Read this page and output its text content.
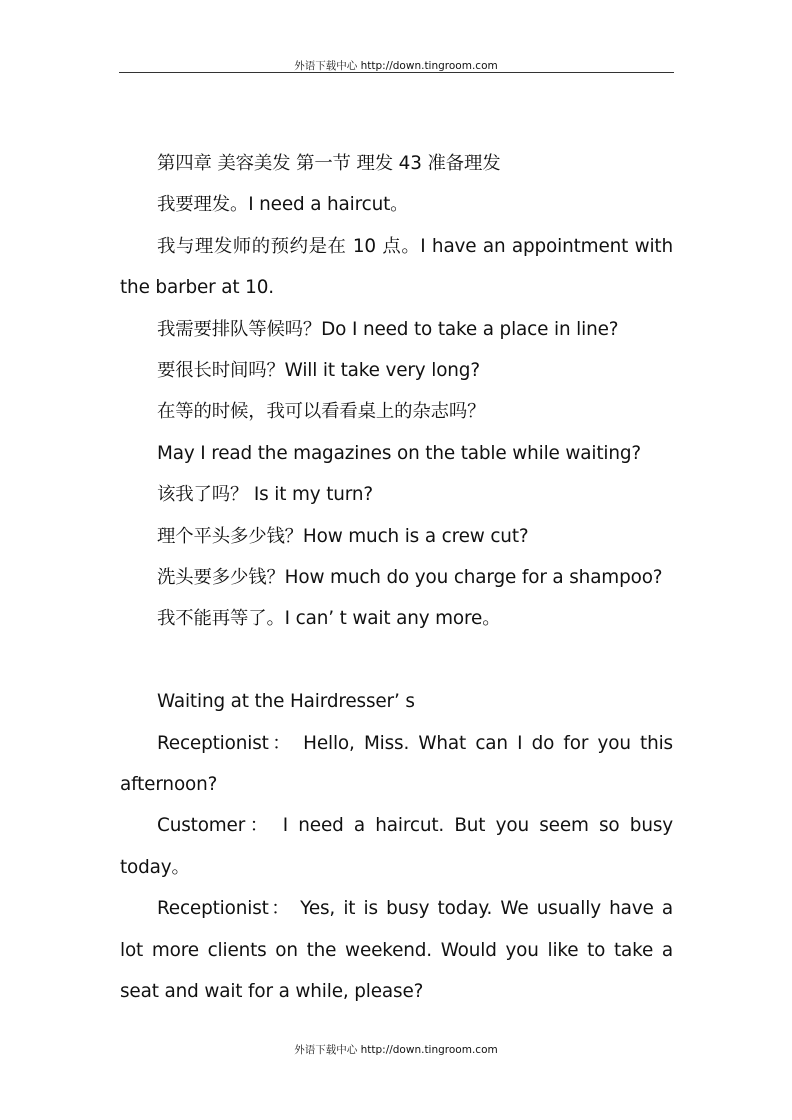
外语下载中心 http://down.tingroom.com

第四章 美容美发 第一节 理发 43 准备理发

我要理发。I need a haircut。

我与理发师的预约是在 10 点。I have an appointment with the barber at 10.

我需要排队等候吗？Do I need to take a place in line?

要很长时间吗？Will it take very long?

在等的时候，我可以看看桌上的杂志吗？

May I read the magazines on the table while waiting?

该我了吗？ Is it my turn?

理个平头多少钱？How much is a crew cut?

洗头要多少钱？How much do you charge for a shampoo?

我不能再等了。I can’ t wait any more。

Waiting at the Hairdresser’ s

Receptionist： Hello, Miss. What can I do for you this afternoon?

Customer： I need a haircut. But you seem so busy today。

Receptionist： Yes, it is busy today. We usually have a lot more clients on the weekend. Would you like to take a seat and wait for a while, please?

外语下载中心 http://down.tingroom.com
